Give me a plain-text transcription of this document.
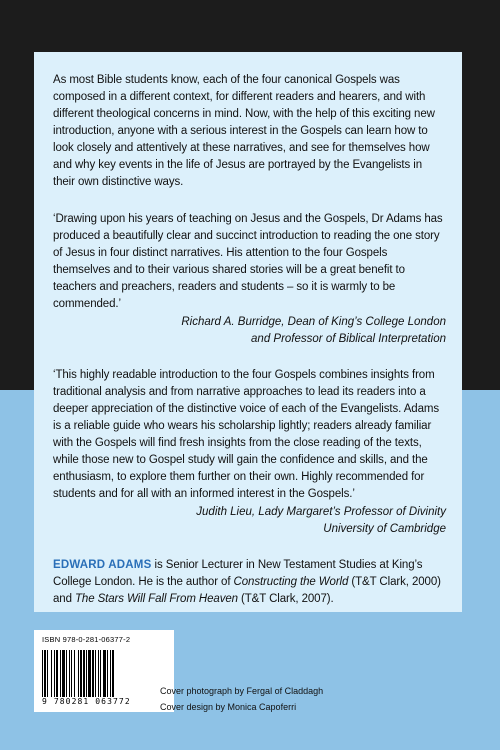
As most Bible students know, each of the four canonical Gospels was composed in a different context, for different readers and hearers, and with different theological concerns in mind. Now, with the help of this exciting new introduction, anyone with a serious interest in the Gospels can learn how to look closely and attentively at these narratives, and see for themselves how and why key events in the life of Jesus are portrayed by the Evangelists in their own distinctive ways.

‘Drawing upon his years of teaching on Jesus and the Gospels, Dr Adams has produced a beautifully clear and succinct introduction to reading the one story of Jesus in four distinct narratives. His attention to the four Gospels themselves and to their various shared stories will be a great benefit to teachers and preachers, readers and students – so it is warmly to be commended.’

Richard A. Burridge, Dean of King’s College London
and Professor of Biblical Interpretation

‘This highly readable introduction to the four Gospels combines insights from traditional analysis and from narrative approaches to lead its readers into a deeper appreciation of the distinctive voice of each of the Evangelists. Adams is a reliable guide who wears his scholarship lightly; readers already familiar with the Gospels will find fresh insights from the close reading of the texts, while those new to Gospel study will gain the confidence and skills, and the enthusiasm, to explore them further on their own. Highly recommended for students and for all with an informed interest in the Gospels.’

Judith Lieu, Lady Margaret’s Professor of Divinity
University of Cambridge

EDWARD ADAMS is Senior Lecturer in New Testament Studies at King’s College London. He is the author of Constructing the World (T&T Clark, 2000) and The Stars Will Fall From Heaven (T&T Clark, 2007).

ISBN 978-0-281-06377-2
9 780281 063772
Cover photograph by Fergal of Claddagh
Cover design by Monica Capoferri
